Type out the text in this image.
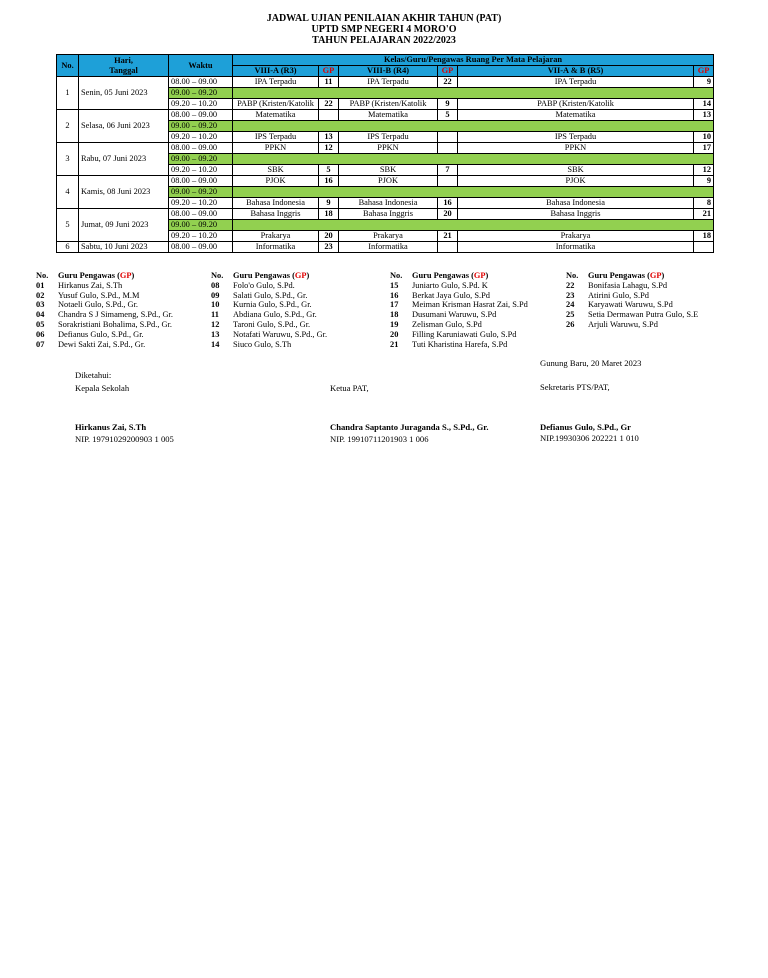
JADWAL UJIAN PENILAIAN AKHIR TAHUN (PAT)
UPTD SMP NEGERI 4 MORO'O
TAHUN PELAJARAN 2022/2023
No.	Hari,
Tanggal	Waktu	Kelas/Guru/Pengawas Ruang Per Mata Pelajaran					
			VIII-A (R3)	GP	VIII-B (R4)	GP	VII-A & B (R5)	GP
1	Senin, 05 Juni 2023	08.00 – 09.00	IPA Terpadu	11	IPA Terpadu	22	IPA Terpadu	9
		09.00 – 09.20						
		09.20 – 10.20	PABP (Kristen/Katolik	22	PABP (Kristen/Katolik	9	PABP (Kristen/Katolik	14
2	Selasa, 06 Juni 2023	08.00 – 09.00	Matematika		Matematika	5	Matematika	13
		09.00 – 09.20						
		09.20 – 10.20	IPS Terpadu	13	IPS Terpadu		IPS Terpadu	10
3	Rabu, 07 Juni 2023	08.00 – 09.00	PPKN	12	PPKN		PPKN	17
		09.00 – 09.20						
		09.20 – 10.20	SBK	5	SBK	7	SBK	12
4	Kamis, 08 Juni 2023	08.00 – 09.00	PJOK	16	PJOK		PJOK	9
		09.00 – 09.20						
		09.20 – 10.20	Bahasa Indonesia	9	Bahasa Indonesia	16	Bahasa Indonesia	8
5	Jumat, 09 Juni 2023	08.00 – 09.00	Bahasa Inggris	18	Bahasa Inggris	20	Bahasa Inggris	21
		09.00 – 09.20						
		09.20 – 10.20	Prakarya	20	Prakarya	21	Prakarya	18
6	Sabtu, 10 Juni 2023	08.00 – 09.00	Informatika	23	Informatika		Informatika	
No.	Guru Pengawas (GP)
01	Hirkanus Zai, S.Th
02	Yusuf Gulo, S.Pd., M.M
03	Notaeli Gulo, S.Pd., Gr.
04	Chandra S J Simameng, S.Pd., Gr.
05	Sorakristiani Bohalima, S.Pd., Gr.
06	Defianus Gulo, S.Pd., Gr.
07	Dewi Sakti Zai, S.Pd., Gr.
No.	Guru Pengawas (GP)
08	Folo'o Gulo, S.Pd.
09	Salati Gulo, S.Pd., Gr.
10	Kurnia Gulo, S.Pd., Gr.
11	Abdiana Gulo, S.Pd., Gr.
12	Taroni Gulo, S.Pd., Gr.
13	Notafati Waruwu, S.Pd., Gr.
14	Siuco Gulo, S.Th
No.	Guru Pengawas (GP)
15	Juniarto Gulo, S.Pd. K
16	Berkat Jaya Gulo, S.Pd
17	Meiman Krisman Hasrat Zai, S.Pd
18	Dusumani Waruwu, S.Pd
19	Zelisman Gulo, S.Pd
20	Filling Karuniawati Gulo, S.Pd
21	Tuti Kharistina Harefa, S.Pd
No.	Guru Pengawas (GP)
22	Bonifasia Lahagu, S.Pd
23	Atirini Gulo, S.Pd
24	Karyawati Waruwu, S.Pd
25	Setia Dermawan Putra Gulo, S.E
26	Arjuli Waruwu, S.Pd
Gunung Baru, 20 Maret 2023
Diketahui:
Kepala Sekolah	Ketua PAT,	Sekretaris PTS/PAT,
Hirkanus Zai, S.Th
NIP. 19791029200903 1 005
Chandra Saptanto Juraganda S., S.Pd., Gr.
NIP. 19910711201903 1 006
Defianus Gulo, S.Pd., Gr
NIP.19930306 202221 1 010
